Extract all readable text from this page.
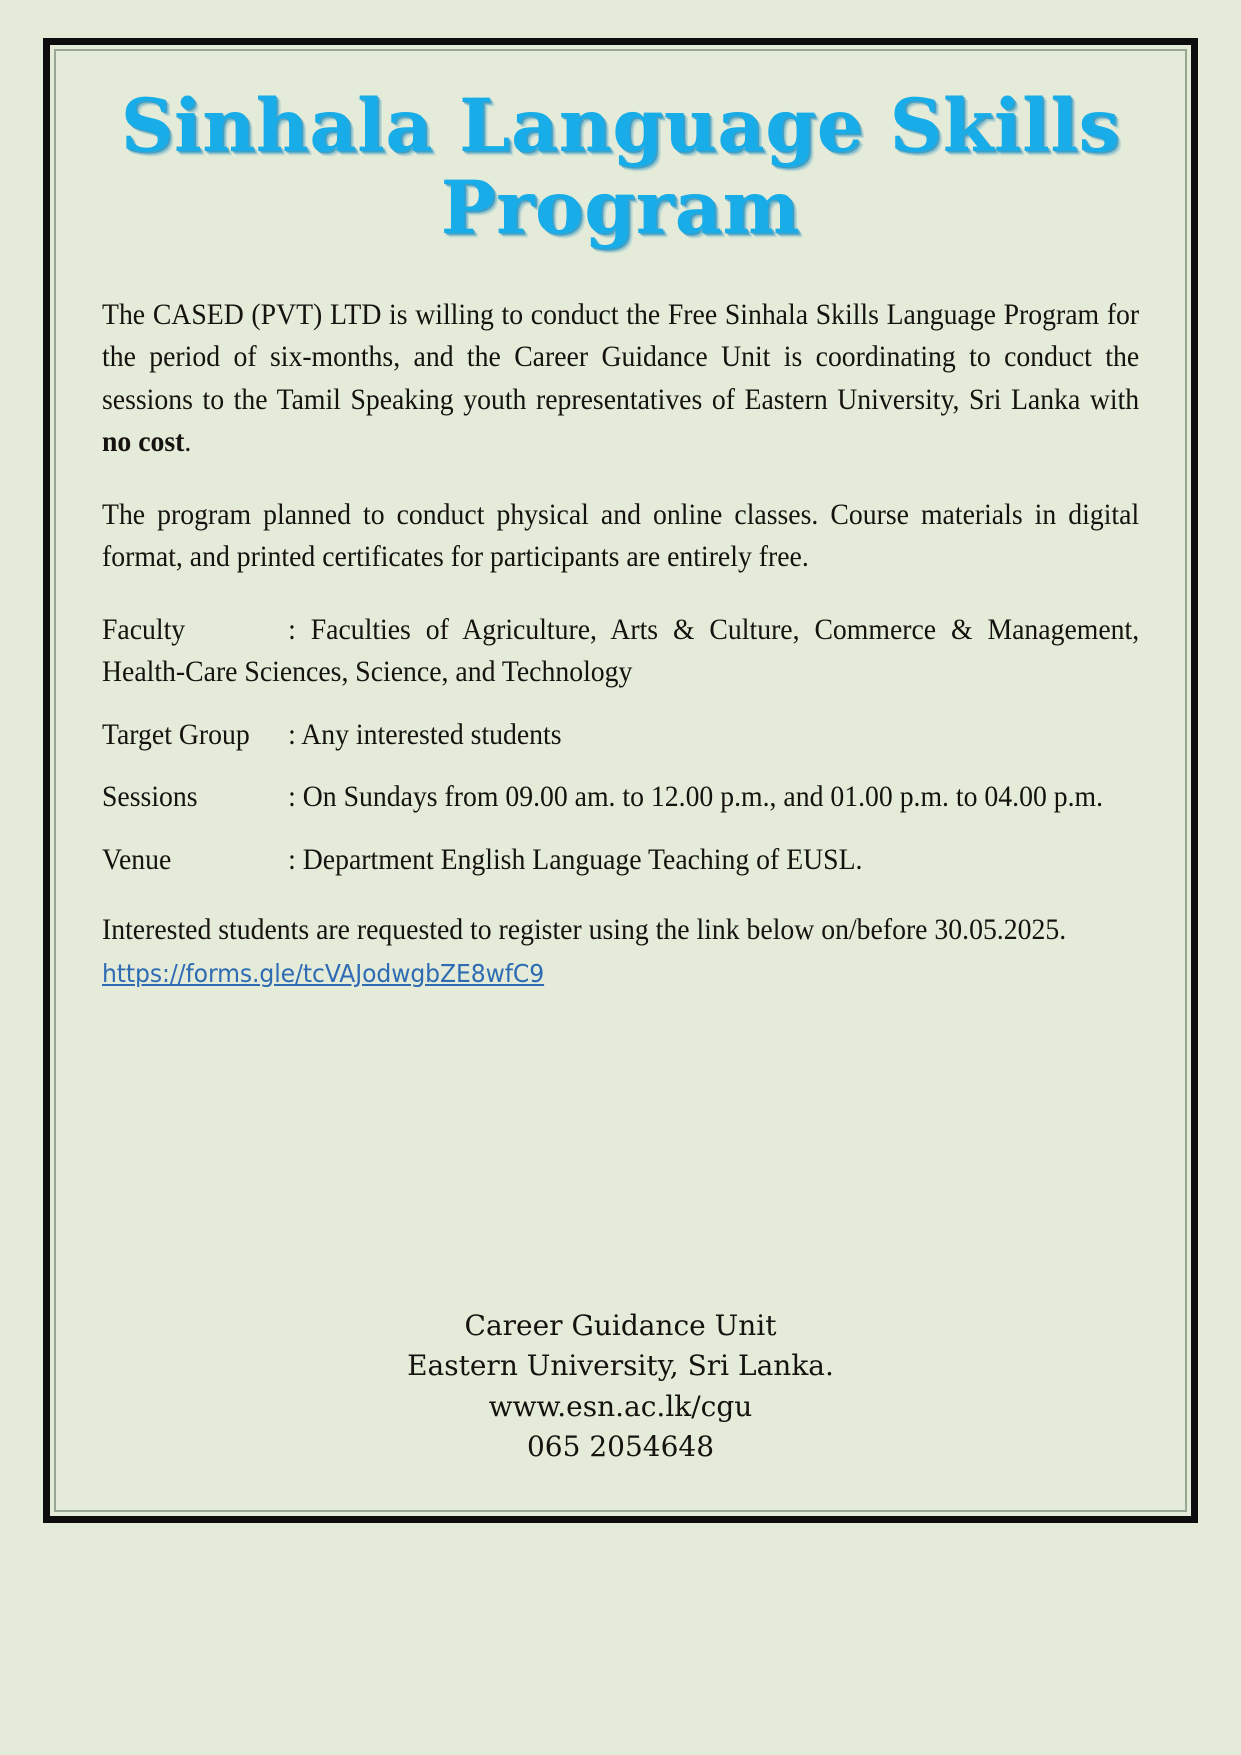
Sinhala Language Skills
Program

The CASED (PVT) LTD is willing to conduct the Free Sinhala Skills Language Program for the period of six-months, and the Career Guidance Unit is coordinating to conduct the sessions to the Tamil Speaking youth representatives of Eastern University, Sri Lanka with no cost.

The program planned to conduct physical and online classes. Course materials in digital format, and printed certificates for participants are entirely free.

Faculty	: Faculties of Agriculture, Arts & Culture, Commerce & Management, Health-Care Sciences, Science, and Technology

Target Group : Any interested students

Sessions	: On Sundays from 09.00 am. to 12.00 p.m., and 01.00 p.m. to 04.00 p.m.

Venue	: Department English Language Teaching of EUSL.

Interested students are requested to register using the link below on/before 30.05.2025.

https://forms.gle/tcVAJodwgbZE8wfC9
Career Guidance Unit
Eastern University, Sri Lanka.
www.esn.ac.lk/cgu
065 2054648
